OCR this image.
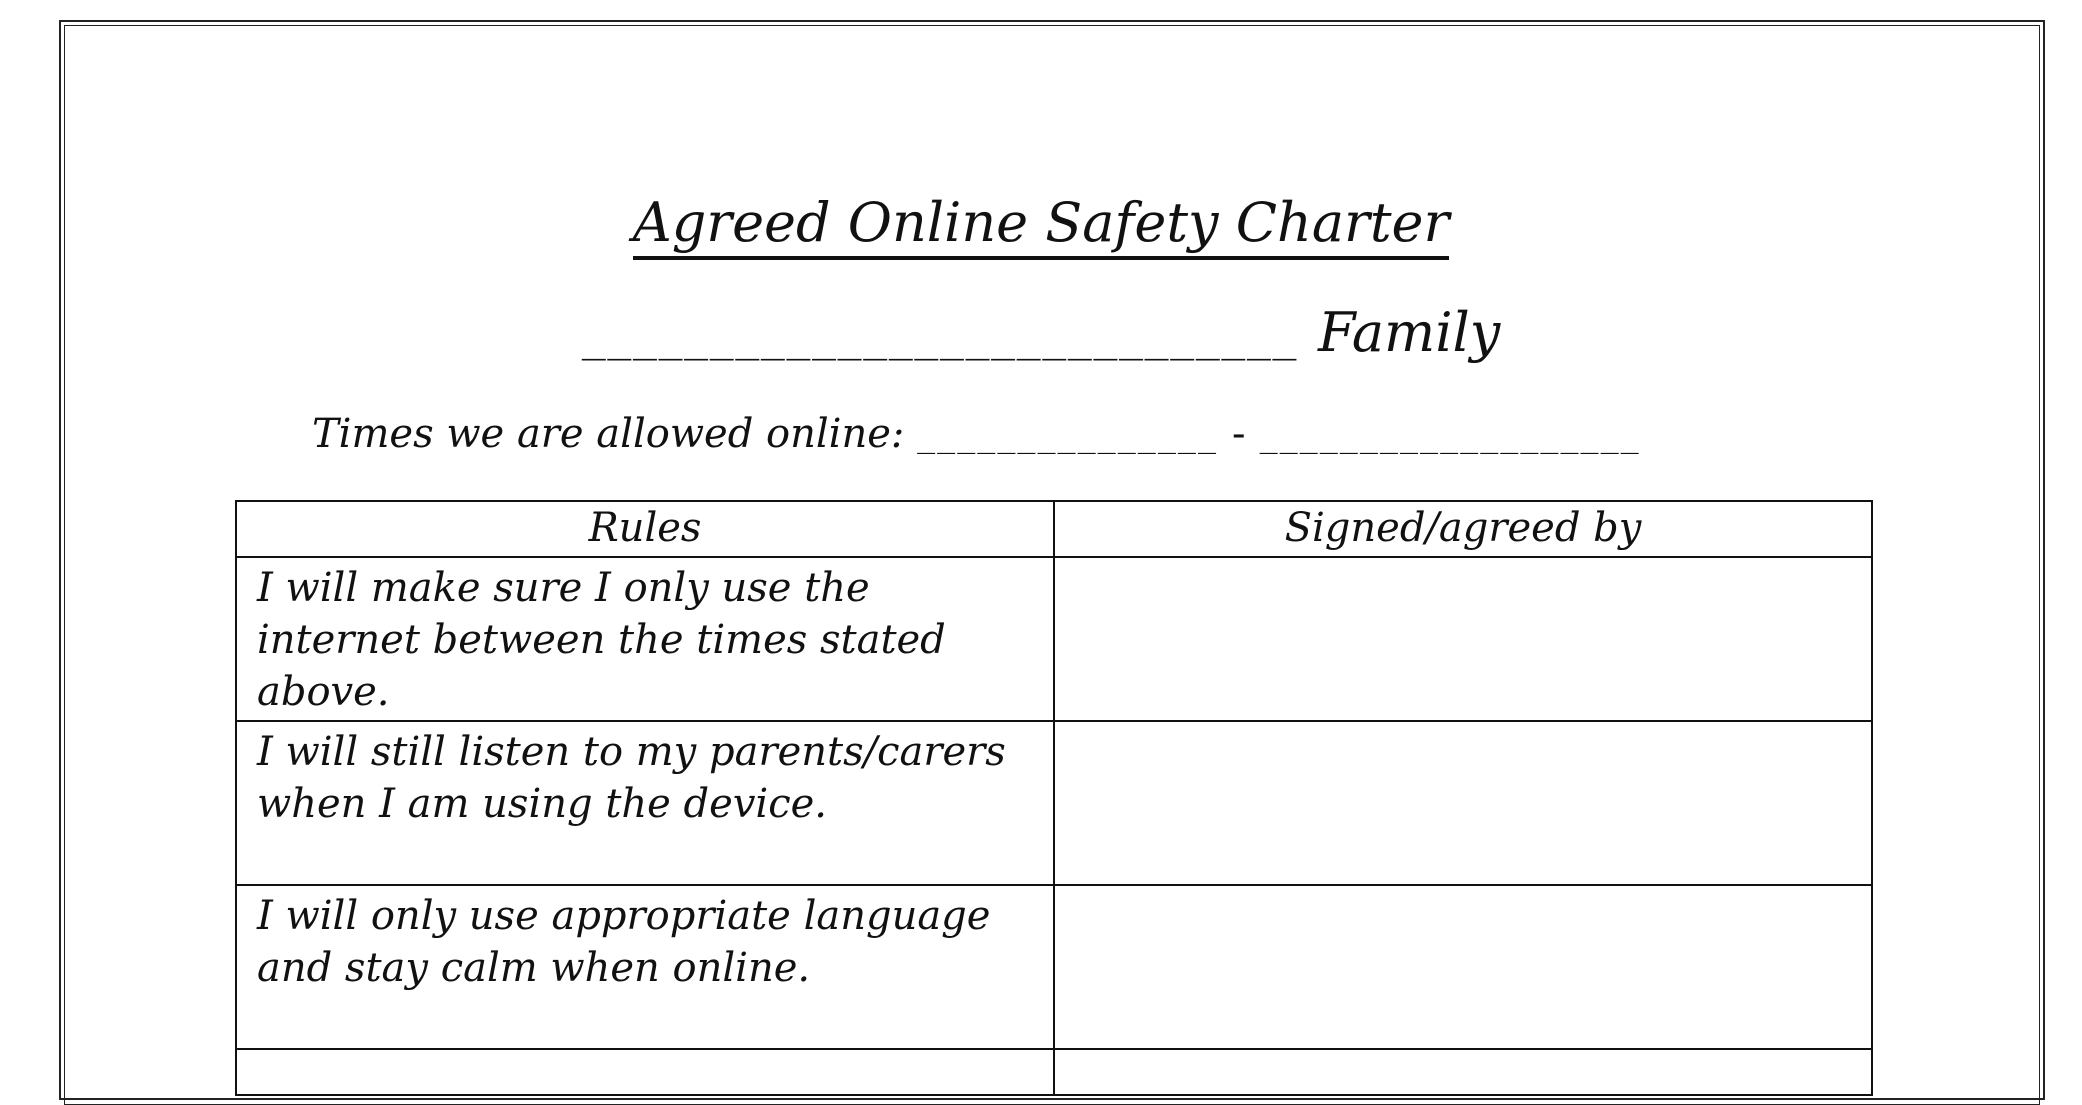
Agreed Online Safety Charter
____________________________ Family
Times we are allowed online: _______________ - ___________________
Rules	Signed/agreed by
I will make sure I only use the internet between the times stated above.	
I will still listen to my parents/carers when I am using the device.	
I will only use appropriate language and stay calm when online.	
